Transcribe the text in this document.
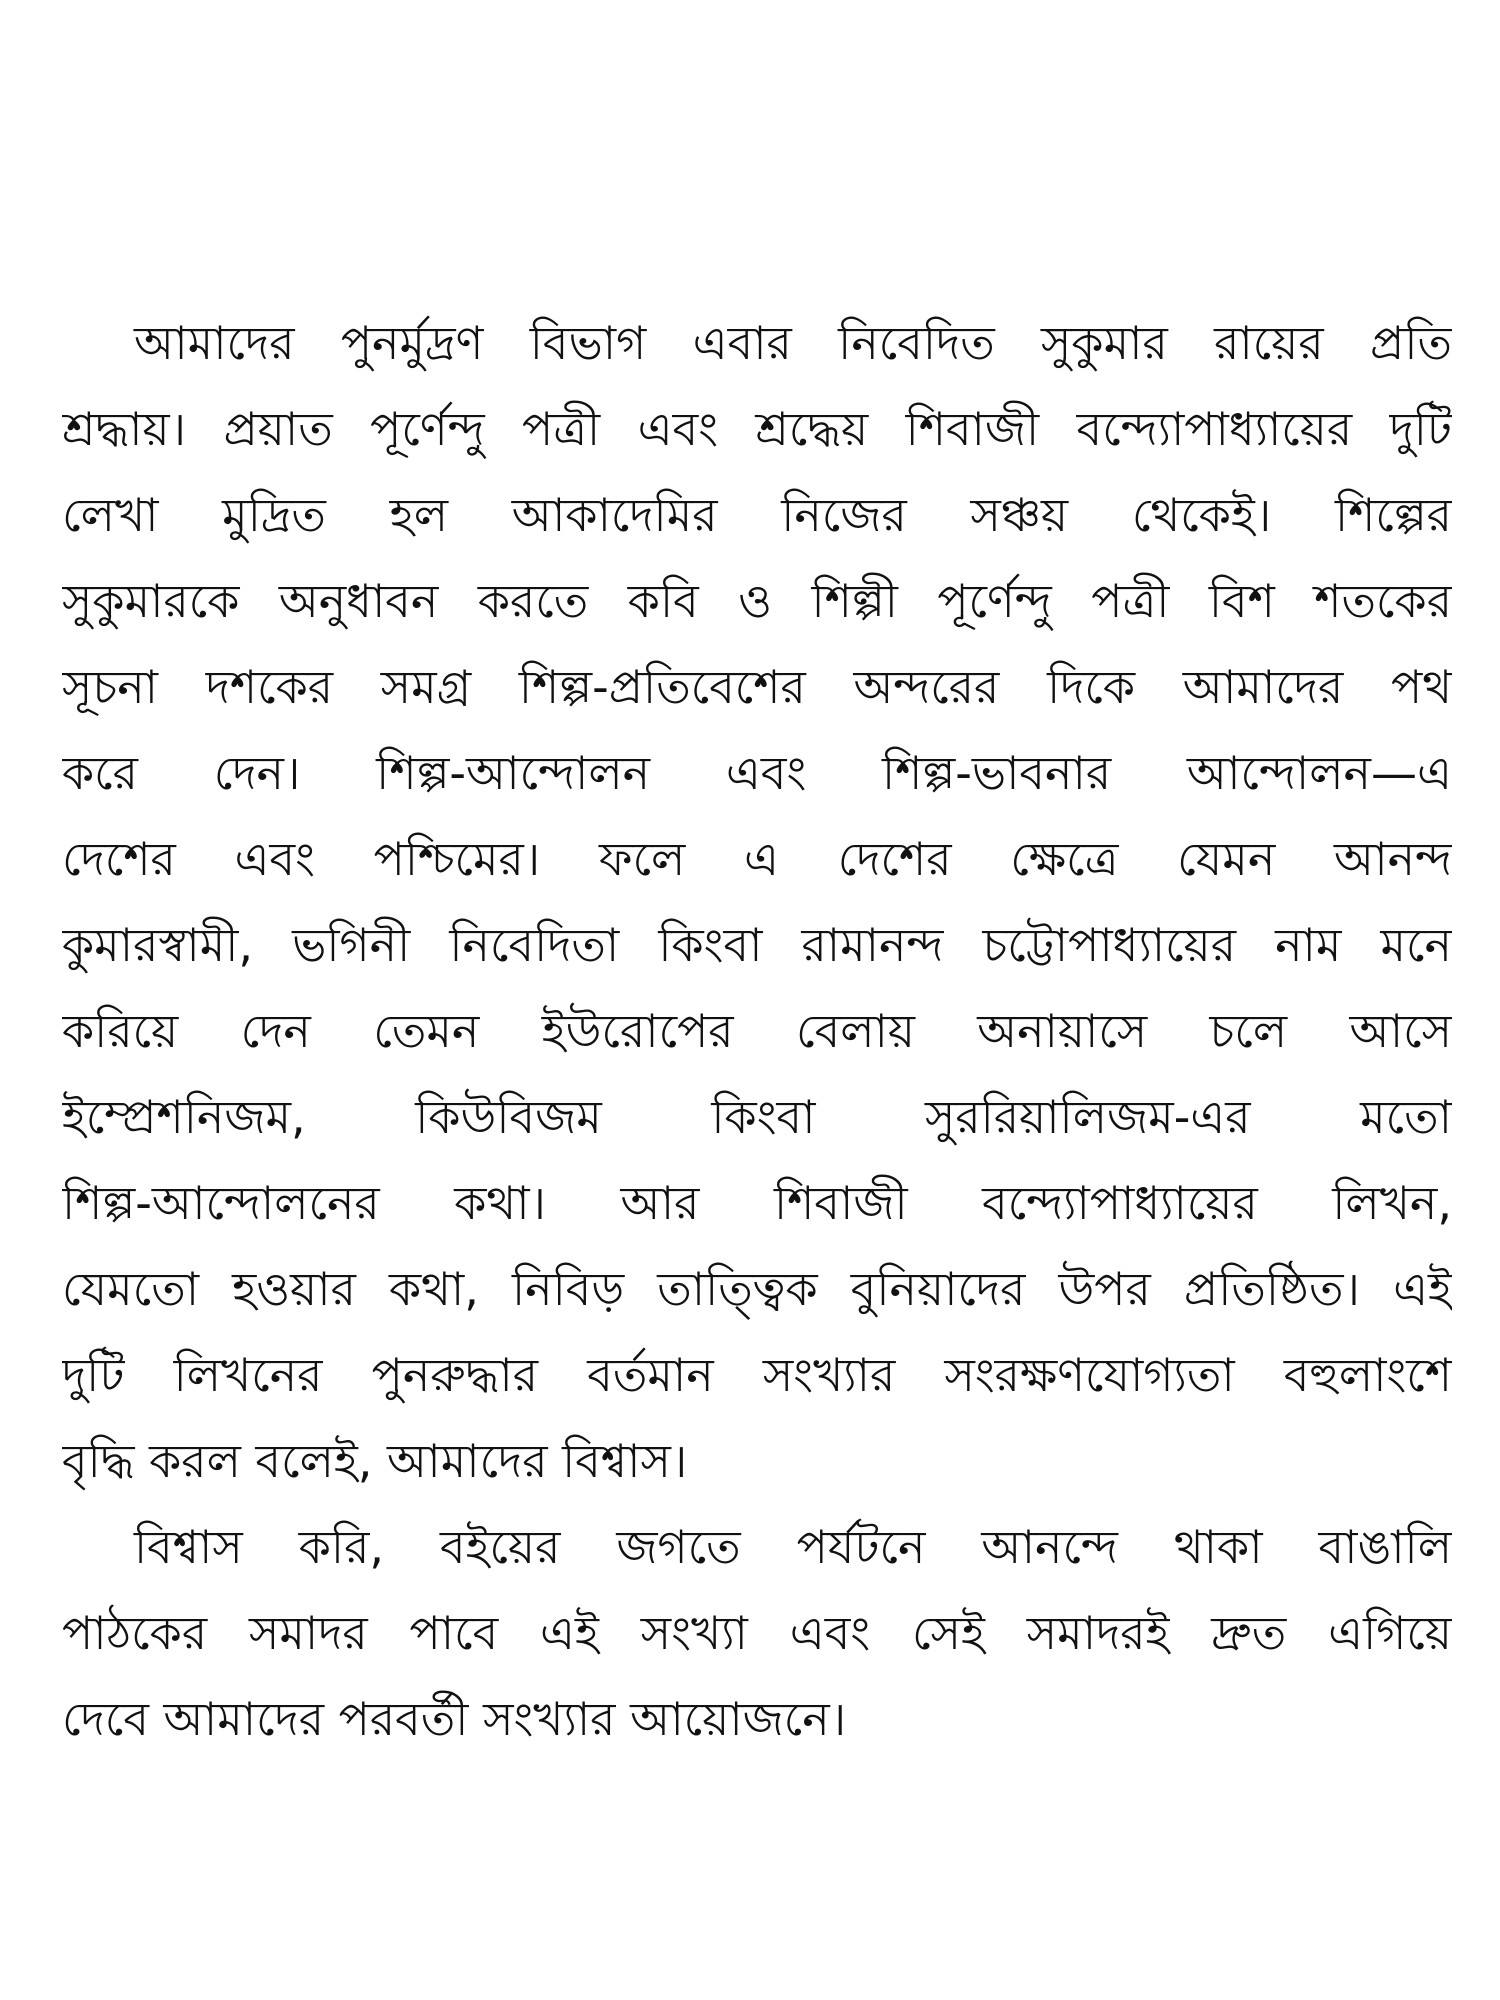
আমাদের পুনর্মুদ্রণ বিভাগ এবার নিবেদিত সুকুমার রায়ের প্রতি
শ্রদ্ধায়। প্রয়াত পূর্ণেন্দু পত্রী এবং শ্রদ্ধেয় শিবাজী বন্দ্যোপাধ্যায়ের দুটি
লেখা মুদ্রিত হল আকাদেমির নিজের সঞ্চয় থেকেই। শিল্পের
সুকুমারকে অনুধাবন করতে কবি ও শিল্পী পূর্ণেন্দু পত্রী বিশ শতকের
সূচনা দশকের সমগ্র শিল্প-প্রতিবেশের অন্দরের দিকে আমাদের পথ
করে দেন। শিল্প-আন্দোলন এবং শিল্প-ভাবনার আন্দোলন—এ
দেশের এবং পশ্চিমের। ফলে এ দেশের ক্ষেত্রে যেমন আনন্দ
কুমারস্বামী, ভগিনী নিবেদিতা কিংবা রামানন্দ চট্টোপাধ্যায়ের নাম মনে
করিয়ে দেন তেমন ইউরোপের বেলায় অনায়াসে চলে আসে
ইম্প্রেশনিজম, কিউবিজম কিংবা সুররিয়ালিজম-এর মতো
শিল্প-আন্দোলনের কথা। আর শিবাজী বন্দ্যোপাধ্যায়ের লিখন,
যেমতো হওয়ার কথা, নিবিড় তাত্ত্বিক বুনিয়াদের উপর প্রতিষ্ঠিত। এই
দুটি লিখনের পুনরুদ্ধার বর্তমান সংখ্যার সংরক্ষণযোগ্যতা বহুলাংশে
বৃদ্ধি করল বলেই, আমাদের বিশ্বাস।
বিশ্বাস করি, বইয়ের জগতে পর্যটনে আনন্দে থাকা বাঙালি
পাঠকের সমাদর পাবে এই সংখ্যা এবং সেই সমাদরই দ্রুত এগিয়ে
দেবে আমাদের পরবর্তী সংখ্যার আয়োজনে।
